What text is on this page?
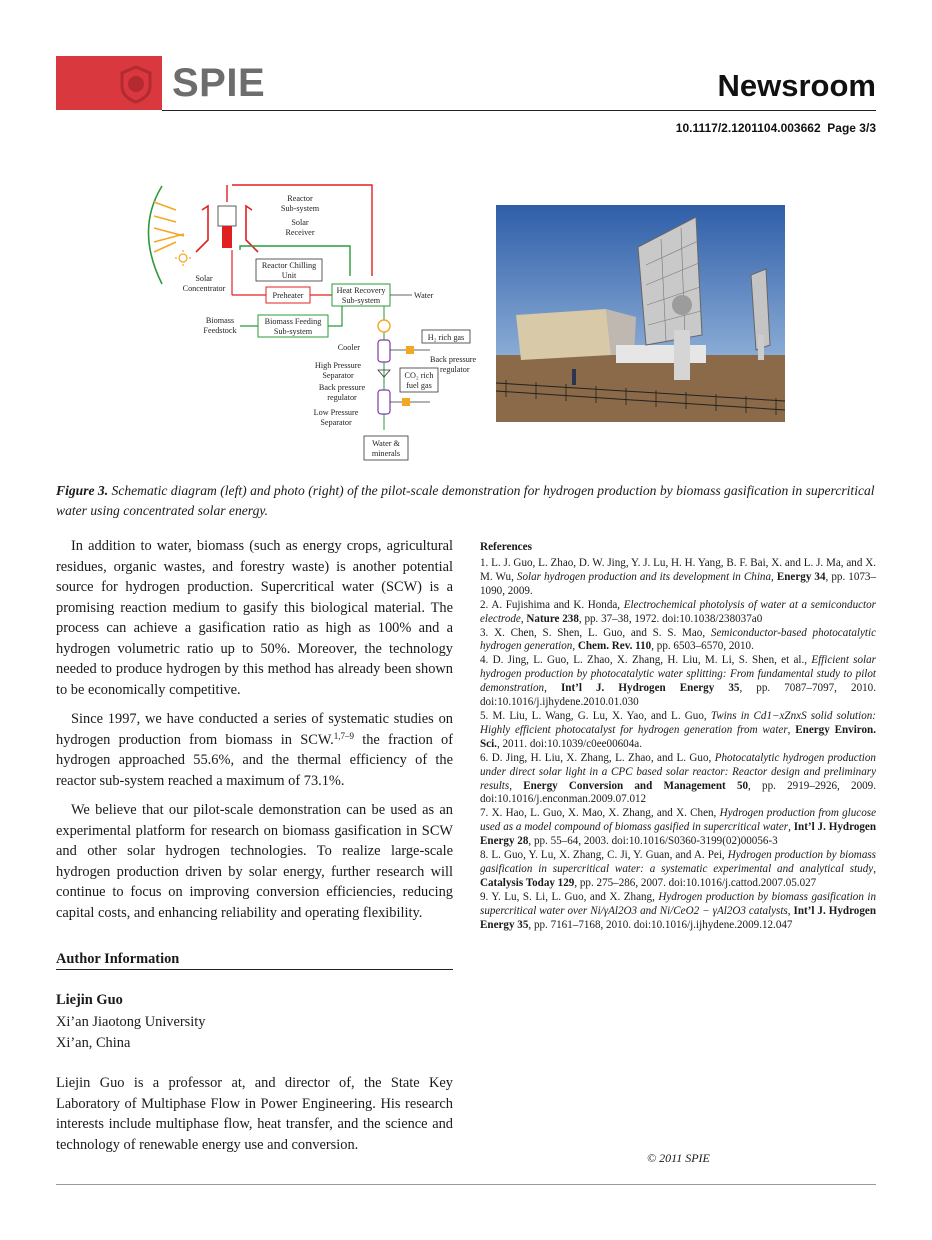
SPIE	Newsroom
10.1117/2.1201104.003662  Page 3/3
Reactor Chilling
Unit
Preheater
Heat Recovery
Sub-system
Water
Biomass Feeding
Sub-system
H₂ rich gas
CO₂ rich
fuel gas
Water &
minerals
Reactor
Sub-system
Solar
Receiver
Solar
Concentrator
Biomass
Feedstock
Cooler
Back pressure
regulator
High Pressure
Separator
Back pressure
regulator
Low Pressure
Separator
Figure 3. Schematic diagram (left) and photo (right) of the pilot-scale demonstration for hydrogen production by biomass gasification in supercritical water using concentrated solar energy.

In addition to water, biomass (such as energy crops, agricultural residues, organic wastes, and forestry waste) is another potential source for hydrogen production. Supercritical water (SCW) is a promising reaction medium to gasify this biological material. The process can achieve a gasification ratio as high as 100% and a hydrogen volumetric ratio up to 50%. Moreover, the technology needed to produce hydrogen by this method has already been shown to be economically competitive.

Since 1997, we have conducted a series of systematic studies on hydrogen production from biomass in SCW.$^{1,7-9}$ the fraction of hydrogen approached 55.6%, and the thermal efficiency of the reactor sub-system reached a maximum of 73.1%.

We believe that our pilot-scale demonstration can be used as an experimental platform for research on biomass gasification in SCW and other solar hydrogen technologies. To realize large-scale hydrogen production driven by solar energy, further research will continue to focus on improving conversion efficiencies, reducing capital costs, and enhancing reliability and operating flexibility.

Author Information
Liejin Guo
Xi’an Jiaotong University
Xi’an, China
Liejin Guo is a professor at, and director of, the State Key Laboratory of Multiphase Flow in Power Engineering. His research interests include multiphase flow, heat transfer, and the science and technology of renewable energy use and conversion.
References

1. L. J. Guo, L. Zhao, D. W. Jing, Y. J. Lu, H. H. Yang, B. F. Bai, X. and L. J. Ma, and X. M. Wu, Solar hydrogen production and its development in China, Energy 34, pp. 1073–1090, 2009.

2. A. Fujishima and K. Honda, Electrochemical photolysis of water at a semiconductor electrode, Nature 238, pp. 37–38, 1972. doi:10.1038/238037a0

3. X. Chen, S. Shen, L. Guo, and S. S. Mao, Semiconductor-based photocatalytic hydrogen generation, Chem. Rev. 110, pp. 6503–6570, 2010.

4. D. Jing, L. Guo, L. Zhao, X. Zhang, H. Liu, M. Li, S. Shen, et al., Efficient solar hydrogen production by photocatalytic water splitting: From fundamental study to pilot demonstration, Int’l J. Hydrogen Energy 35, pp. 7087–7097, 2010. doi:10.1016/j.ijhydene.2010.01.030

5. M. Liu, L. Wang, G. Lu, X. Yao, and L. Guo, Twins in Cd1−xZnxS solid solution: Highly efficient photocatalyst for hydrogen generation from water, Energy Environ. Sci., 2011. doi:10.1039/c0ee00604a.

6. D. Jing, H. Liu, X. Zhang, L. Zhao, and L. Guo, Photocatalytic hydrogen production under direct solar light in a CPC based solar reactor: Reactor design and preliminary results, Energy Conversion and Management 50, pp. 2919–2926, 2009. doi:10.1016/j.enconman.2009.07.012

7. X. Hao, L. Guo, X. Mao, X. Zhang, and X. Chen, Hydrogen production from glucose used as a model compound of biomass gasified in supercritical water, Int’l J. Hydrogen Energy 28, pp. 55–64, 2003. doi:10.1016/S0360-3199(02)00056-3

8. L. Guo, Y. Lu, X. Zhang, C. Ji, Y. Guan, and A. Pei, Hydrogen production by biomass gasification in supercritical water: a systematic experimental and analytical study, Catalysis Today 129, pp. 275–286, 2007. doi:10.1016/j.cattod.2007.05.027

9. Y. Lu, S. Li, L. Guo, and X. Zhang, Hydrogen production by biomass gasification in supercritical water over Ni/γAl2O3 and Ni/CeO2 − γAl2O3 catalysts, Int’l J. Hydrogen Energy 35, pp. 7161–7168, 2010. doi:10.1016/j.ijhydene.2009.12.047

© 2011 SPIE
